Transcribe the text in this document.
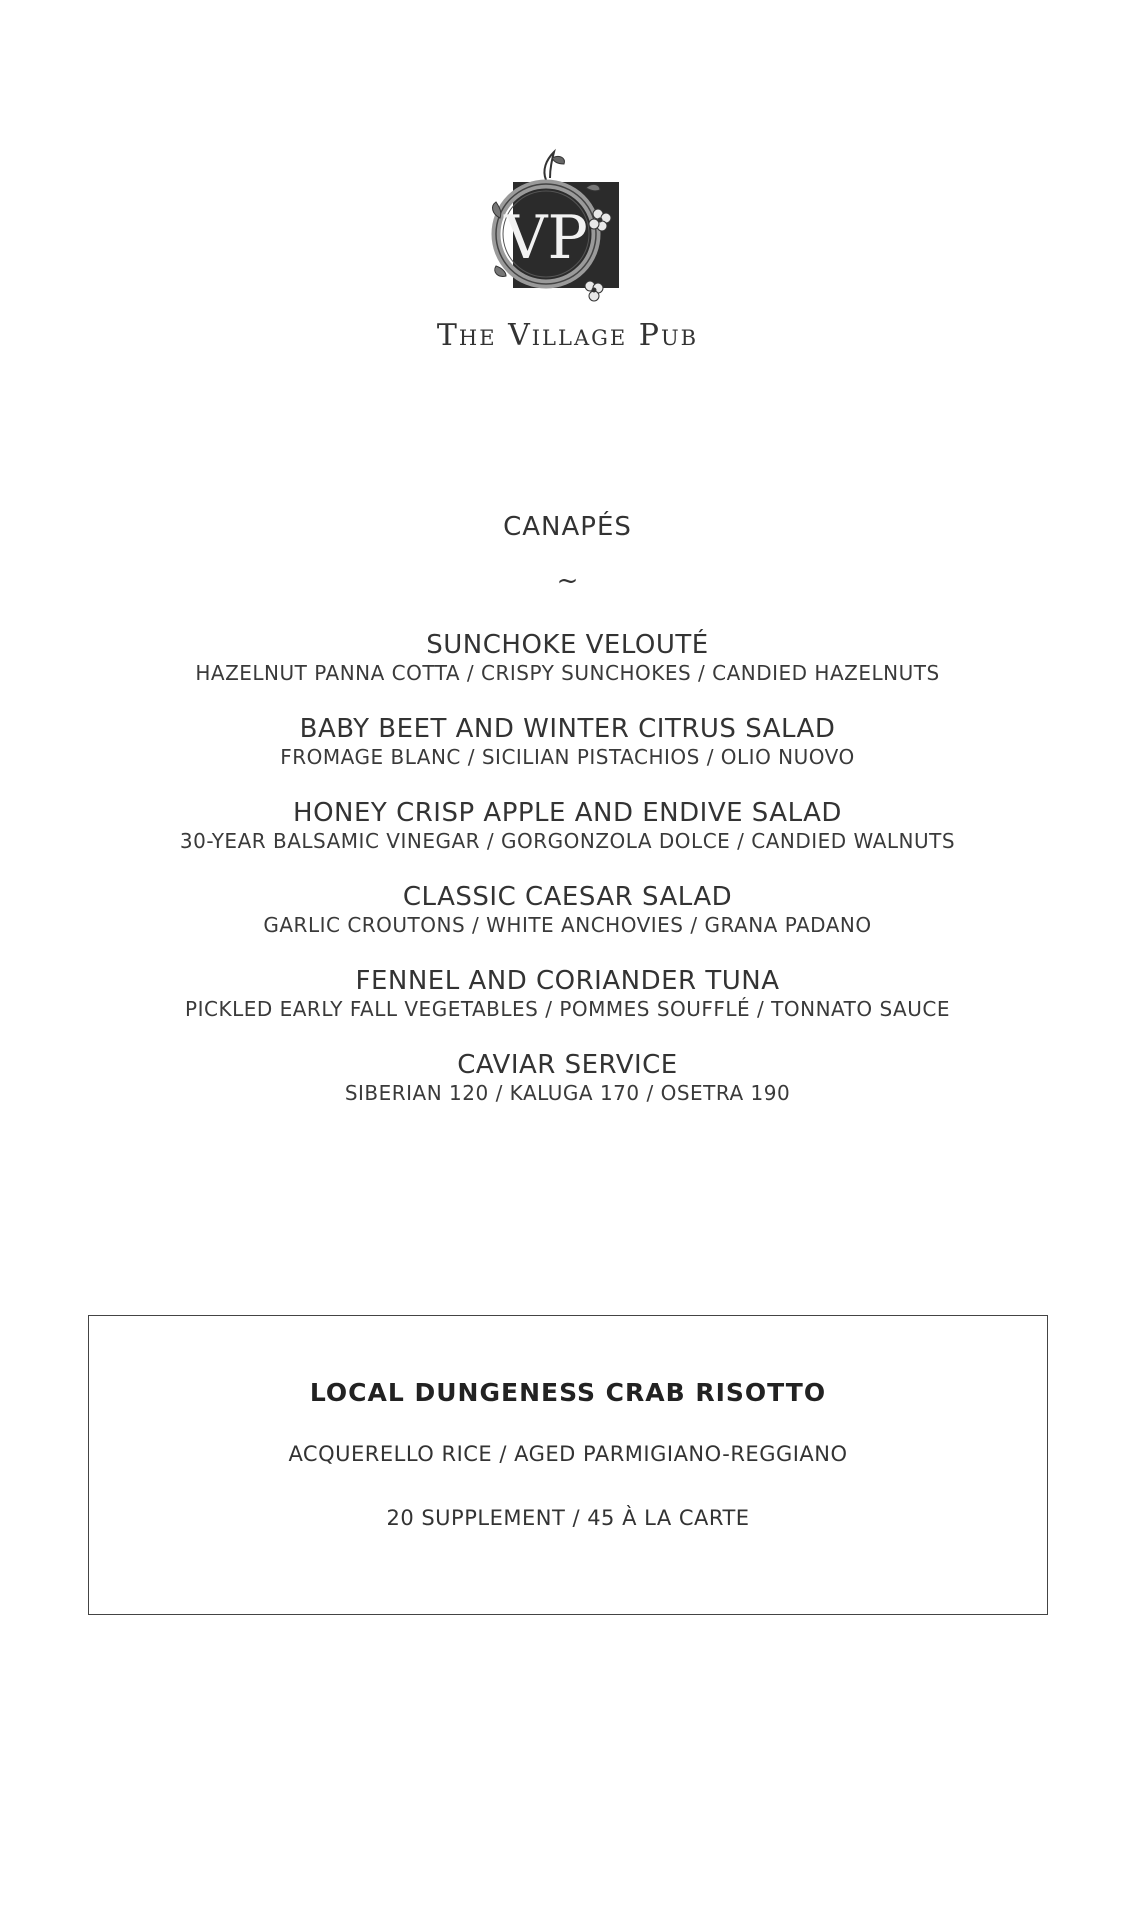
VP
The Village Pub
CANAPÉS
~
SUNCHOKE VELOUTÉ
HAZELNUT PANNA COTTA / CRISPY SUNCHOKES / CANDIED HAZELNUTS
BABY BEET AND WINTER CITRUS SALAD
FROMAGE BLANC / SICILIAN PISTACHIOS / OLIO NUOVO
HONEY CRISP APPLE AND ENDIVE SALAD
30-YEAR BALSAMIC VINEGAR / GORGONZOLA DOLCE / CANDIED WALNUTS
CLASSIC CAESAR SALAD
GARLIC CROUTONS / WHITE ANCHOVIES / GRANA PADANO
FENNEL AND CORIANDER TUNA
PICKLED EARLY FALL VEGETABLES / POMMES SOUFFLÉ / TONNATO SAUCE
CAVIAR SERVICE
SIBERIAN 120 / KALUGA 170 / OSETRA 190
LOCAL DUNGENESS CRAB RISOTTO
ACQUERELLO RICE / AGED PARMIGIANO-REGGIANO
20 SUPPLEMENT / 45 À LA CARTE
